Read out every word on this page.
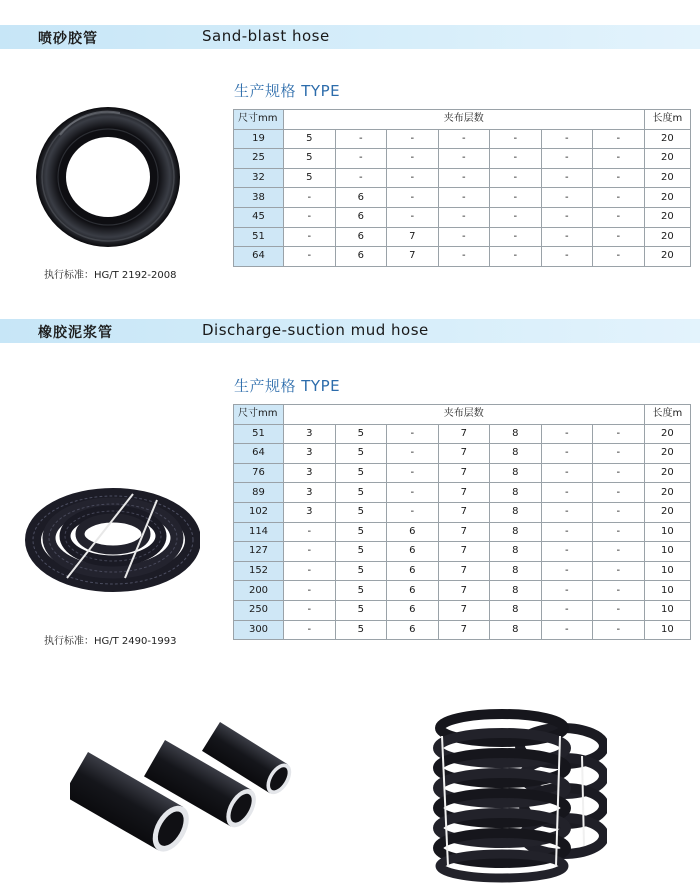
喷砂胶管	Sand-blast hose
执行标准：HG/T 2192-2008
生产规格 TYPE
尺寸mm	夹布层数							长度m
19	5	-	-	-	-	-	-	20
25	5	-	-	-	-	-	-	20
32	5	-	-	-	-	-	-	20
38	-	6	-	-	-	-	-	20
45	-	6	-	-	-	-	-	20
51	-	6	7	-	-	-	-	20
64	-	6	7	-	-	-	-	20
橡胶泥浆管	Discharge-suction mud hose
生产规格 TYPE
尺寸mm	夹布层数							长度m
51	3	5	-	7	8	-	-	20
64	3	5	-	7	8	-	-	20
76	3	5	-	7	8	-	-	20
89	3	5	-	7	8	-	-	20
102	3	5	-	7	8	-	-	20
114	-	5	6	7	8	-	-	10
127	-	5	6	7	8	-	-	10
152	-	5	6	7	8	-	-	10
200	-	5	6	7	8	-	-	10
250	-	5	6	7	8	-	-	10
300	-	5	6	7	8	-	-	10
执行标准：HG/T 2490-1993
